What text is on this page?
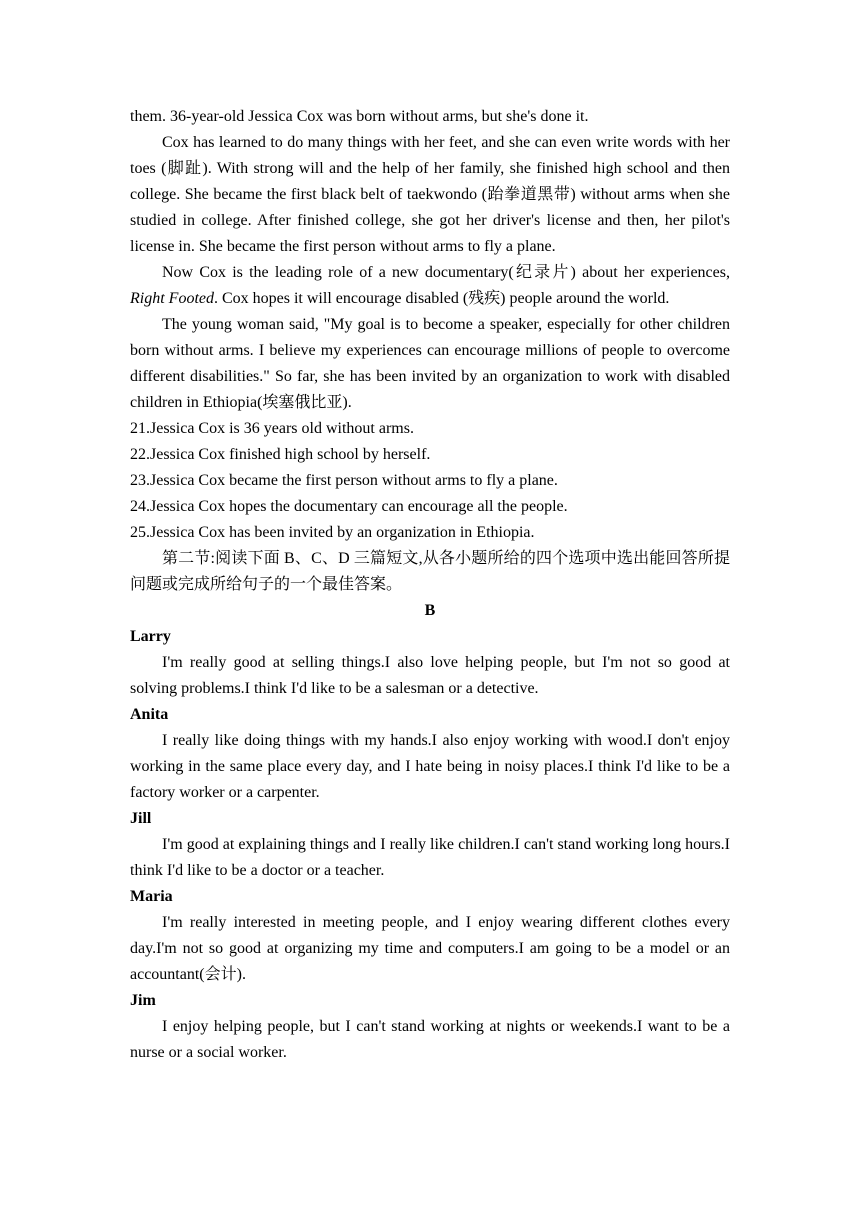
them. 36-year-old Jessica Cox was born without arms, but she's done it.

Cox has learned to do many things with her feet, and she can even write words with her toes (脚趾). With strong will and the help of her family, she finished high school and then college. She became the first black belt of taekwondo (跆拳道黑带) without arms when she studied in college. After finished college, she got her driver's license and then, her pilot's license in. She became the first person without arms to fly a plane.

Now Cox is the leading role of a new documentary(纪录片) about her experiences, Right Footed. Cox hopes it will encourage disabled (残疾) people around the world.

The young woman said, "My goal is to become a speaker, especially for other children born without arms. I believe my experiences can encourage millions of people to overcome different disabilities." So far, she has been invited by an organization to work with disabled children in Ethiopia(埃塞俄比亚).

21.Jessica Cox is 36 years old without arms.

22.Jessica Cox finished high school by herself.

23.Jessica Cox became the first person without arms to fly a plane.

24.Jessica Cox hopes the documentary can encourage all the people.

25.Jessica Cox has been invited by an organization in Ethiopia.

第二节:阅读下面 B、C、D 三篇短文,从各小题所给的四个选项中选出能回答所提问题或完成所给句子的一个最佳答案。

B

Larry

I'm really good at selling things.I also love helping people, but I'm not so good at solving problems.I think I'd like to be a salesman or a detective.

Anita

I really like doing things with my hands.I also enjoy working with wood.I don't enjoy working in the same place every day, and I hate being in noisy places.I think I'd like to be a factory worker or a carpenter.

Jill

I'm good at explaining things and I really like children.I can't stand working long hours.I think I'd like to be a doctor or a teacher.

Maria

I'm really interested in meeting people, and I enjoy wearing different clothes every day.I'm not so good at organizing my time and computers.I am going to be a model or an accountant(会计).

Jim

I enjoy helping people, but I can't stand working at nights or weekends.I want to be a nurse or a social worker.
